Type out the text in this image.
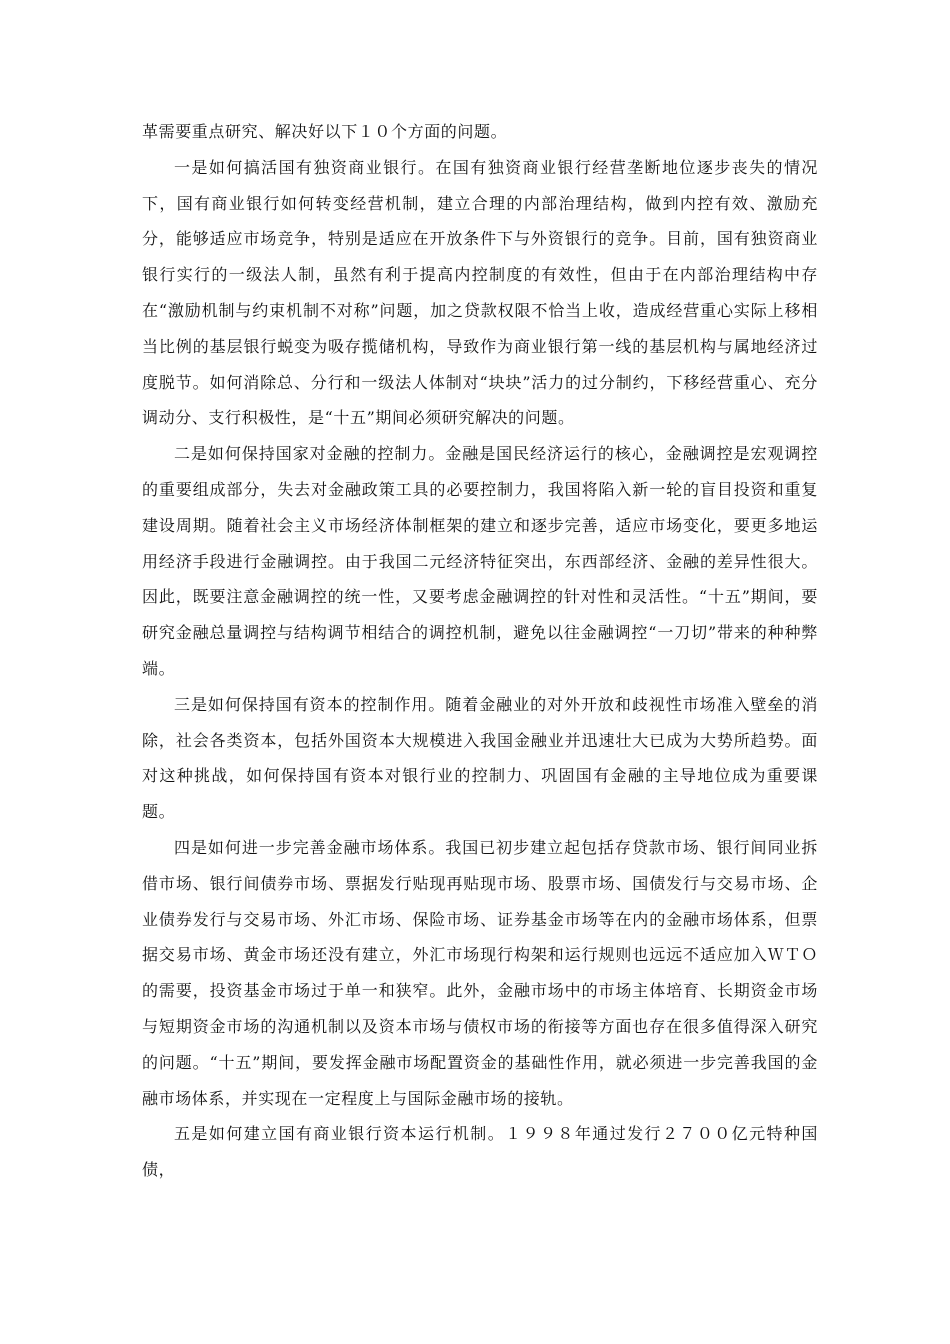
革需要重点研究、解决好以下１０个方面的问题。

一是如何搞活国有独资商业银行。在国有独资商业银行经营垄断地位逐步丧失的情况下，国有商业银行如何转变经营机制，建立合理的内部治理结构，做到内控有效、激励充分，能够适应市场竞争，特别是适应在开放条件下与外资银行的竞争。目前，国有独资商业银行实行的一级法人制，虽然有利于提高内控制度的有效性，但由于在内部治理结构中存在“激励机制与约束机制不对称”问题，加之贷款权限不恰当上收，造成经营重心实际上移相当比例的基层银行蜕变为吸存揽储机构，导致作为商业银行第一线的基层机构与属地经济过度脱节。如何消除总、分行和一级法人体制对“块块”活力的过分制约，下移经营重心、充分调动分、支行积极性，是“十五”期间必须研究解决的问题。

二是如何保持国家对金融的控制力。金融是国民经济运行的核心，金融调控是宏观调控的重要组成部分，失去对金融政策工具的必要控制力，我国将陷入新一轮的盲目投资和重复建设周期。随着社会主义市场经济体制框架的建立和逐步完善，适应市场变化，要更多地运用经济手段进行金融调控。由于我国二元经济特征突出，东西部经济、金融的差异性很大。因此，既要注意金融调控的统一性，又要考虑金融调控的针对性和灵活性。“十五”期间，要研究金融总量调控与结构调节相结合的调控机制，避免以往金融调控“一刀切”带来的种种弊端。

三是如何保持国有资本的控制作用。随着金融业的对外开放和歧视性市场准入壁垒的消除，社会各类资本，包括外国资本大规模进入我国金融业并迅速壮大已成为大势所趋势。面对这种挑战，如何保持国有资本对银行业的控制力、巩固国有金融的主导地位成为重要课题。

四是如何进一步完善金融市场体系。我国已初步建立起包括存贷款市场、银行间同业拆借市场、银行间债券市场、票据发行贴现再贴现市场、股票市场、国债发行与交易市场、企业债券发行与交易市场、外汇市场、保险市场、证券基金市场等在内的金融市场体系，但票据交易市场、黄金市场还没有建立，外汇市场现行构架和运行规则也远远不适应加入ＷＴＯ的需要，投资基金市场过于单一和狭窄。此外，金融市场中的市场主体培育、长期资金市场与短期资金市场的沟通机制以及资本市场与债权市场的衔接等方面也存在很多值得深入研究的问题。“十五”期间，要发挥金融市场配置资金的基础性作用，就必须进一步完善我国的金融市场体系，并实现在一定程度上与国际金融市场的接轨。

五是如何建立国有商业银行资本运行机制。１９９８年通过发行２７００亿元特种国债，
